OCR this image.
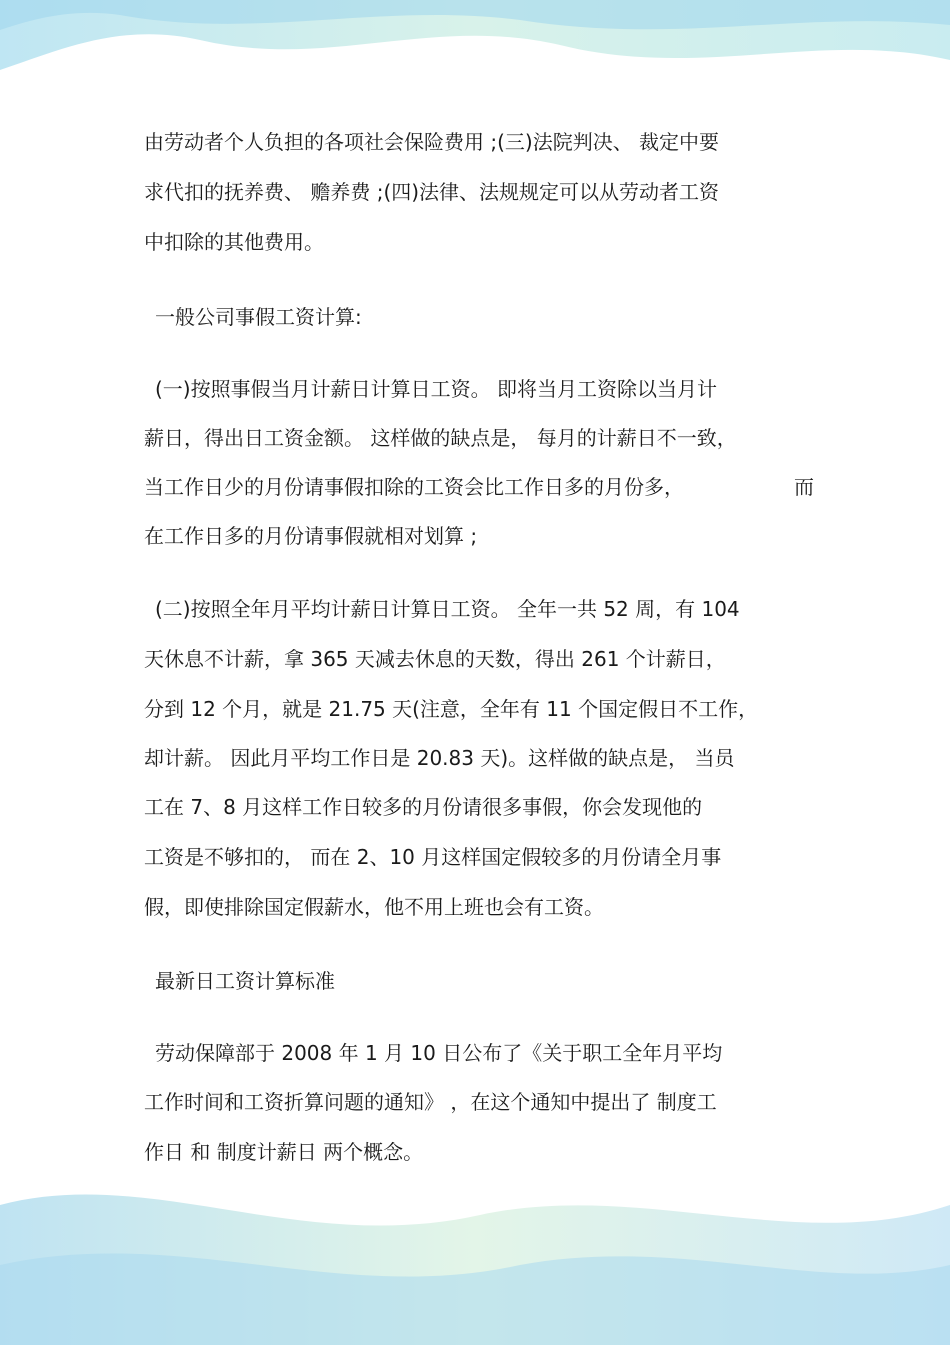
由劳动者个人负担的各项社会保险费用 ;(三)法院判决、 裁定中要
求代扣的抚养费、 赡养费 ;(四)法律、法规规定可以从劳动者工资
中扣除的其他费用。
一般公司事假工资计算:
(一)按照事假当月计薪日计算日工资。 即将当月工资除以当月计
薪日，得出日工资金额。 这样做的缺点是， 每月的计薪日不一致，
当工作日少的月份请事假扣除的工资会比工作日多的月份多，	而
在工作日多的月份请事假就相对划算 ;
(二)按照全年月平均计薪日计算日工资。 全年一共 52 周，有 104
天休息不计薪，拿 365 天减去休息的天数，得出 261 个计薪日，
分到 12 个月，就是 21.75 天(注意，全年有 11 个国定假日不工作，
却计薪。 因此月平均工作日是 20.83 天)。这样做的缺点是， 当员
工在 7、8 月这样工作日较多的月份请很多事假，你会发现他的
工资是不够扣的， 而在 2、10 月这样国定假较多的月份请全月事
假，即使排除国定假薪水，他不用上班也会有工资。
最新日工资计算标准
劳动保障部于 2008 年 1 月 10 日公布了《关于职工全年月平均
工作时间和工资折算问题的通知》 ，在这个通知中提出了 制度工
作日 和 制度计薪日 两个概念。
